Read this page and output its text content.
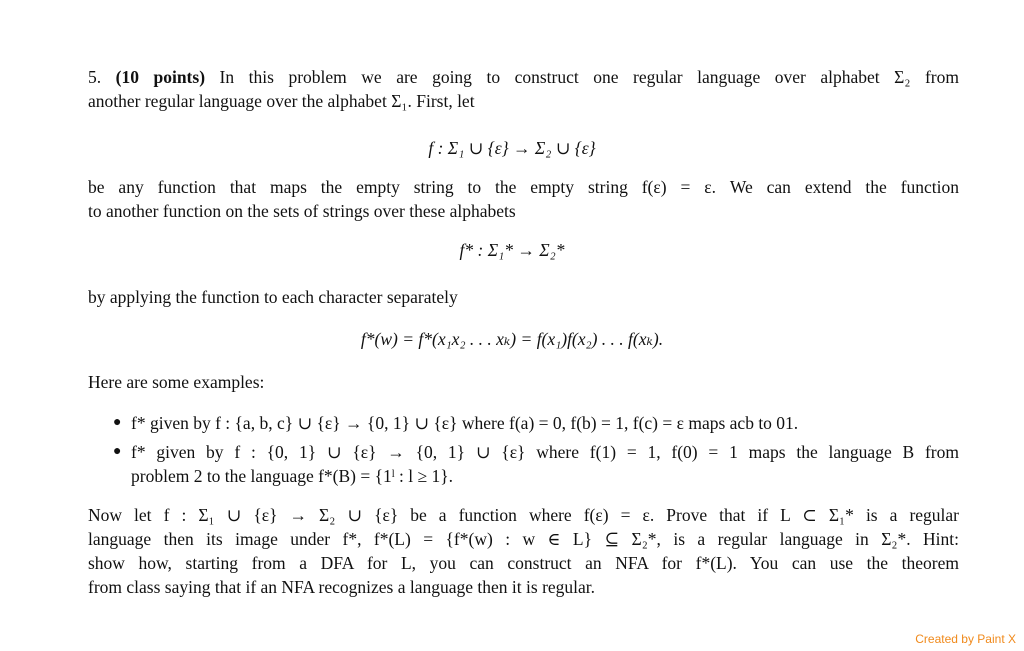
5. (10 points) In this problem we are going to construct one regular language over alphabet Σ₂ from
another regular language over the alphabet Σ₁. First, let
f : Σ₁ ∪ {ε} → Σ₂ ∪ {ε}
be any function that maps the empty string to the empty string f(ε) = ε. We can extend the function
to another function on the sets of strings over these alphabets
f* : Σ₁* → Σ₂*
by applying the function to each character separately
f*(w) = f*(x₁x₂ . . . xₖ) = f(x₁)f(x₂) . . . f(xₖ).
Here are some examples:
● f* given by f : {a, b, c} ∪ {ε} → {0, 1} ∪ {ε} where f(a) = 0, f(b) = 1, f(c) = ε maps acb to 01.
● f* given by f : {0, 1} ∪ {ε} → {0, 1} ∪ {ε} where f(1) = 1, f(0) = 1 maps the language B from
problem 2 to the language f*(B) = {1ˡ : l ≥ 1}.
Now let f : Σ₁ ∪ {ε} → Σ₂ ∪ {ε} be a function where f(ε) = ε. Prove that if L ⊂ Σ₁* is a regular
language then its image under f*, f*(L) = {f*(w) : w ∈ L} ⊆ Σ₂*, is a regular language in Σ₂*. Hint:
show how, starting from a DFA for L, you can construct an NFA for f*(L). You can use the theorem
from class saying that if an NFA recognizes a language then it is regular.
Created by Paint X
